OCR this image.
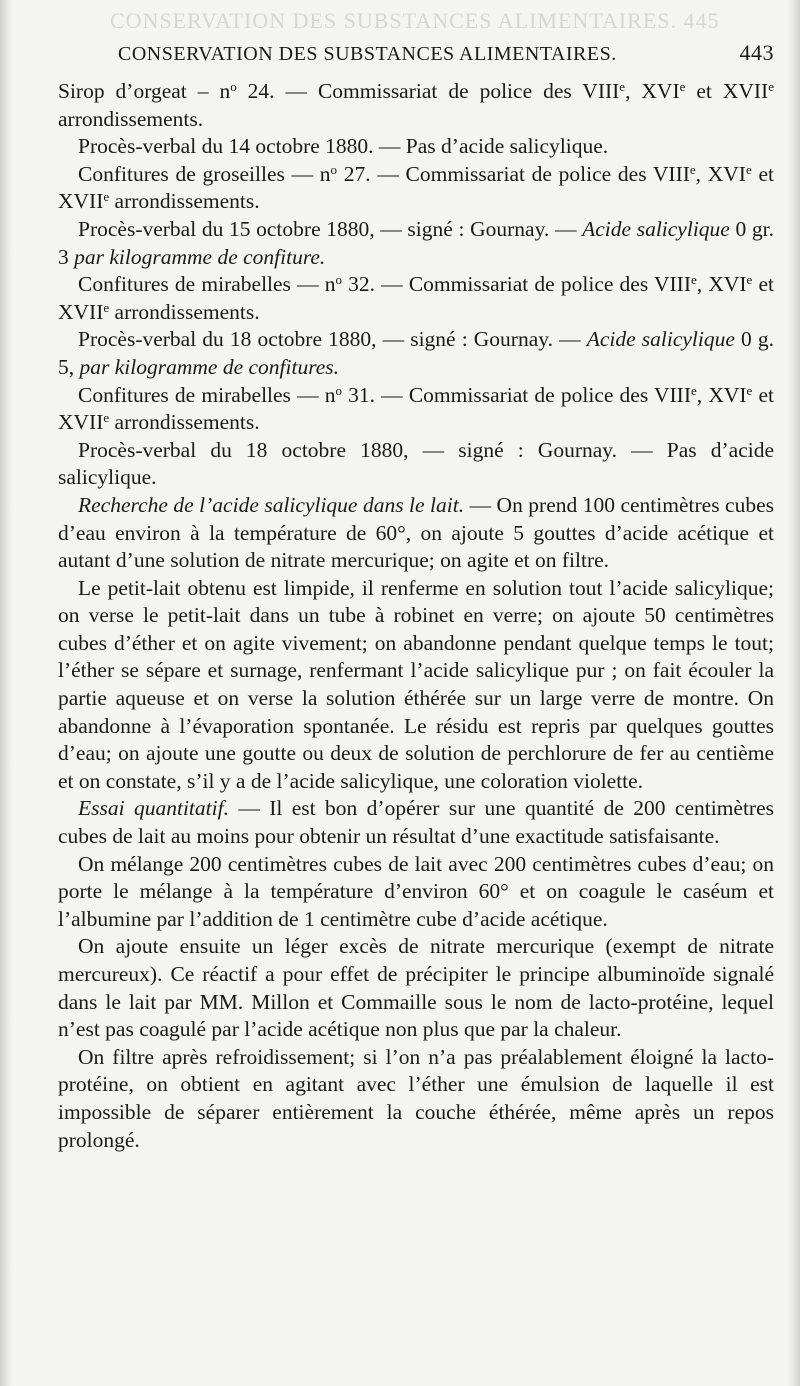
CONSERVATION DES SUBSTANCES ALIMENTAIRES. 445
CONSERVATION DES SUBSTANCES ALIMENTAIRES.	443

Sirop d’orgeat – $n^o$ 24. — Commissariat de police des VIIIe, XVIe et XVIIe arrondissements.

Procès-verbal du 14 octobre 1880. — Pas d’acide salicylique.

Confitures de groseilles — $n^o$ 27. — Commissariat de police des VIIIe, XVIe et XVIIe arrondissements.

Procès-verbal du 15 octobre 1880, — signé : Gournay. — Acide salicylique 0 gr. 3 par kilogramme de confiture.

Confitures de mirabelles — $n^o$ 32. — Commissariat de police des VIIIe, XVIe et XVIIe arrondissements.

Procès-verbal du 18 octobre 1880, — signé : Gournay. — Acide salicylique 0 g. 5, par kilogramme de confitures.

Confitures de mirabelles — $n^o$ 31. — Commissariat de police des VIIIe, XVIe et XVIIe arrondissements.

Procès-verbal du 18 octobre 1880, — signé : Gournay. — Pas d’acide salicylique.

Recherche de l’acide salicylique dans le lait. — On prend 100 centimètres cubes d’eau environ à la température de 60°, on ajoute 5 gouttes d’acide acétique et autant d’une solution de nitrate mercurique; on agite et on filtre.

Le petit-lait obtenu est limpide, il renferme en solution tout l’acide salicylique; on verse le petit-lait dans un tube à robinet en verre; on ajoute 50 centimètres cubes d’éther et on agite vivement; on abandonne pendant quelque temps le tout; l’éther se sépare et surnage, renfermant l’acide salicylique pur ; on fait écouler la partie aqueuse et on verse la solution éthérée sur un large verre de montre. On abandonne à l’évaporation spontanée. Le résidu est repris par quelques gouttes d’eau; on ajoute une goutte ou deux de solution de perchlorure de fer au centième et on constate, s’il y a de l’acide salicylique, une coloration violette.

Essai quantitatif. — Il est bon d’opérer sur une quantité de 200 centimètres cubes de lait au moins pour obtenir un résultat d’une exactitude satisfaisante.

On mélange 200 centimètres cubes de lait avec 200 centimètres cubes d’eau; on porte le mélange à la température d’environ 60° et on coagule le caséum et l’albumine par l’addition de 1 centimètre cube d’acide acétique.

On ajoute ensuite un léger excès de nitrate mercurique (exempt de nitrate mercureux). Ce réactif a pour effet de précipiter le principe albuminoïde signalé dans le lait par MM. Millon et Commaille sous le nom de lacto-protéine, lequel n’est pas coagulé par l’acide acétique non plus que par la chaleur.

On filtre après refroidissement; si l’on n’a pas préalablement éloigné la lacto-protéine, on obtient en agitant avec l’éther une émulsion de laquelle il est impossible de séparer entièrement la couche éthérée, même après un repos prolongé.
